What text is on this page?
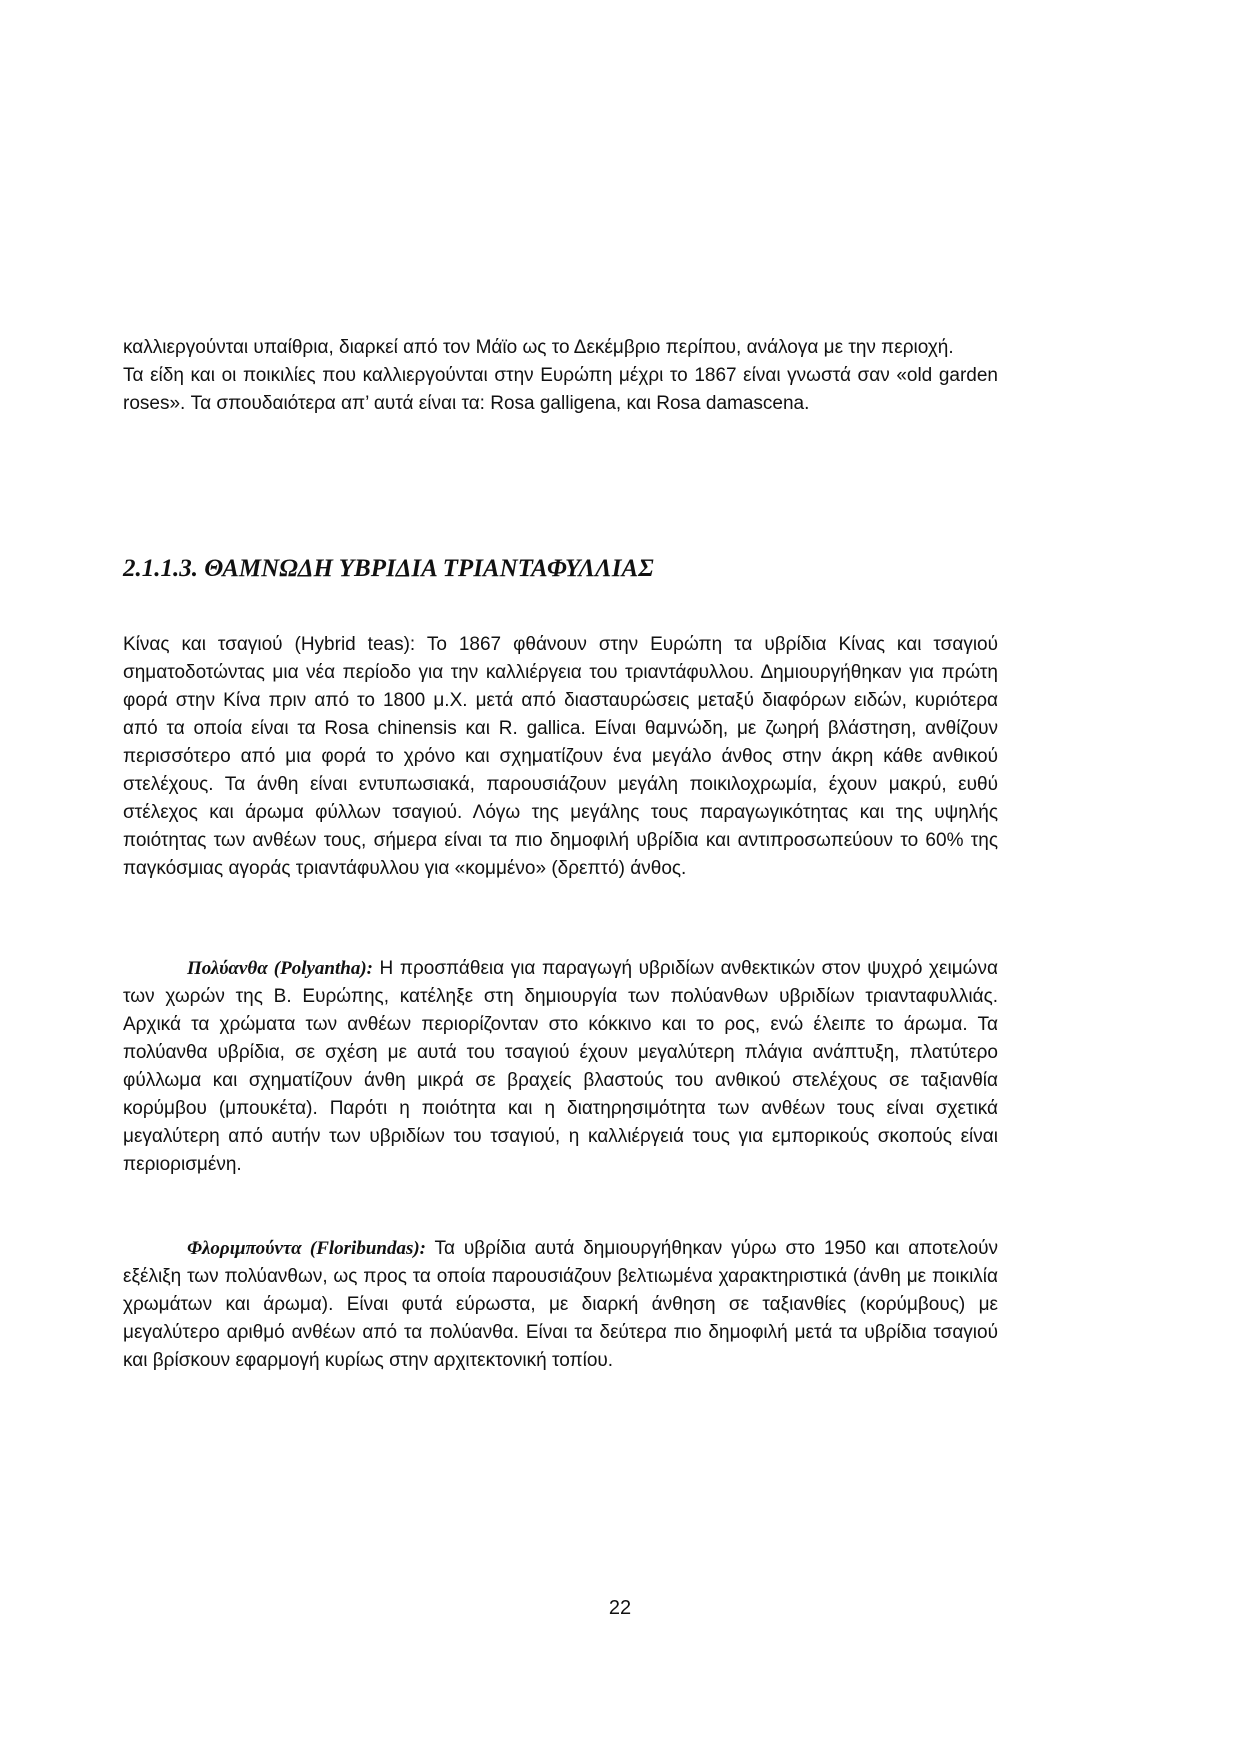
καλλιεργούνται υπαίθρια, διαρκεί από τον Μάϊο ως το Δεκέμβριο περίπου, ανάλογα με την περιοχή.

Τα είδη και οι ποικιλίες που καλλιεργούνται στην Ευρώπη μέχρι το 1867 είναι γνωστά σαν «old garden roses». Τα σπουδαιότερα απ’ αυτά είναι τα: Rosa galligena, και Rosa damascena.

2.1.1.3. ΘΑΜΝΩΔΗ ΥΒΡΙΔΙΑ ΤΡΙΑΝΤΑΦΥΛΛΙΑΣ

Κίνας και τσαγιού (Hybrid teas): Το 1867 φθάνουν στην Ευρώπη τα υβρίδια Κίνας και τσαγιού σηματοδοτώντας μια νέα περίοδο για την καλλιέργεια του τριαντάφυλλου. Δημιουργήθηκαν για πρώτη φορά στην Κίνα πριν από το 1800 μ.Χ. μετά από διασταυρώσεις μεταξύ διαφόρων ειδών, κυριότερα από τα οποία είναι τα Rosa chinensis και R. gallica. Είναι θαμνώδη, με ζωηρή βλάστηση, ανθίζουν περισσότερο από μια φορά το χρόνο και σχηματίζουν ένα μεγάλο άνθος στην άκρη κάθε ανθικού στελέχους. Τα άνθη είναι εντυπωσιακά, παρουσιάζουν μεγάλη ποικιλοχρωμία, έχουν μακρύ, ευθύ στέλεχος και άρωμα φύλλων τσαγιού. Λόγω της μεγάλης τους παραγωγικότητας και της υψηλής ποιότητας των ανθέων τους, σήμερα είναι τα πιο δημοφιλή υβρίδια και αντιπροσωπεύουν το 60% της παγκόσμιας αγοράς τριαντάφυλλου για «κομμένο» (δρεπτό) άνθος.

Πολύανθα (Polyantha): Η προσπάθεια για παραγωγή υβριδίων ανθεκτικών στον ψυχρό χειμώνα των χωρών της Β. Ευρώπης, κατέληξε στη δημιουργία των πολύανθων υβριδίων τριανταφυλλιάς. Αρχικά τα χρώματα των ανθέων περιορίζονταν στο κόκκινο και το ρος, ενώ έλειπε το άρωμα. Τα πολύανθα υβρίδια, σε σχέση με αυτά του τσαγιού έχουν μεγαλύτερη πλάγια ανάπτυξη, πλατύτερο φύλλωμα και σχηματίζουν άνθη μικρά σε βραχείς βλαστούς του ανθικού στελέχους σε ταξιανθία κορύμβου (μπουκέτα). Παρότι η ποιότητα και η διατηρησιμότητα των ανθέων τους είναι σχετικά μεγαλύτερη από αυτήν των υβριδίων του τσαγιού, η καλλιέργειά τους για εμπορικούς σκοπούς είναι περιορισμένη.

Φλοριμπούντα (Floribundas): Τα υβρίδια αυτά δημιουργήθηκαν γύρω στο 1950 και αποτελούν εξέλιξη των πολύανθων, ως προς τα οποία παρουσιάζουν βελτιωμένα χαρακτηριστικά (άνθη με ποικιλία χρωμάτων και άρωμα). Είναι φυτά εύρωστα, με διαρκή άνθηση σε ταξιανθίες (κορύμβους) με μεγαλύτερο αριθμό ανθέων από τα πολύανθα. Είναι τα δεύτερα πιο δημοφιλή μετά τα υβρίδια τσαγιού και βρίσκουν εφαρμογή κυρίως στην αρχιτεκτονική τοπίου.

22
